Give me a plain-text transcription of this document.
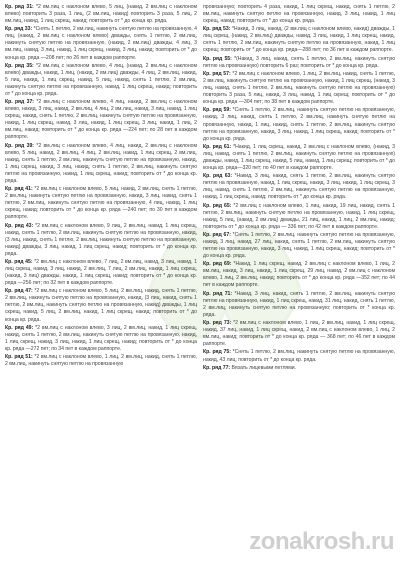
Кр. ряд 31: *2 вм.лиц с наклоном влево, 5 лиц, (накид, 2 вм.лиц с наклоном влево) повторить 3 раза, 1 лиц, (2 вм.лиц, накид) повторить 3 раза, 5 лиц, 2 вм.лиц, накид, 1 лиц скрещ, накид; повторить от * до конца кр. ряда.

Кр. ряд 33: *Снять 1 петлю, 2 вм.лиц, накинуть снятую петлю на провязанную, 4 лиц, (накид, 2 вм.лиц с наклоном влево) дважды, снять 1 петлю, 2 вм.лиц, накинуть снятую петлю на провязанную, (накид, 2 вм.лиц) дважды, 4 лиц, 3 вм.лиц, накид, 3 лиц, накид, 1 лиц скрещ, накид, 3 лиц, накид; повторить от * до конца кр. ряда —208 пет; по 26 пет в каждом раппорте.

Кр. ряд 35: *2 вм.лиц с наклоном влево, 4 лиц, (накид, 2 вм.лиц с наклоном влево) дважды, накид, 1 лиц, (накид, 2 вм.лиц) дважды, 4 лиц, 2 вм.лиц, накид, 5 лиц, накид, 1 лиц скрещ, накид, 5 лиц, накид, снять 1 петлю, 2 вм.лиц, накинуть снятую петлю на провязанную, накид, 1 лиц скрещ, накид; повторить от * до конца кр. ряда.

Кр. ряд 37: *2 вм.лиц с наклоном влево, 4 лиц, накид, 2 вм.лиц с наклоном влево, накид, 3 лиц, накид, 2 вм.лиц, 4 лиц, 2 вм.лиц, накид, 3 лиц, накид, 1 лиц скрещ, накид, снять 1 петлю, 2 вм.лиц, накинуть снятую петлю на провязанную, накид, 1 лиц скрещ, накид, 3 лиц, накид, 1 лиц скрещ, 3 лиц, накид, 1 лиц, 2 вм.лиц, накид; повторить от * до конца кр. ряда —224 пет; по 28 пет в каждом раппорте.

Кр. ряд 39: *2 вм.лиц с наклоном влево, 4 лиц, накид, 2 вм.лиц с наклоном влево, 5 лиц, накид, 2 вм.лиц, 4 лиц, 2 вм.лиц, накид, 1 лиц скрещ, 2 вм.лиц, накид, снять 1 петлю, 2 вм.лиц, накинуть снятую петлю на провязанную, накид, 1 лиц скрещ, накид, 3 лиц, накид, снять 1 петлю, 2 вм.лиц, накинуть снятую петлю на провязанную, накид, 1 лиц скрещ, накид; повторить от * до конца кр. ряда.

Кр. ряд 41: *2 вм.лиц с наклоном влево, 5 лиц, накид, 2 вм.лиц, снять 1 петлю, 2 вм.лиц, накинуть снятую петлю на провязанную, накид, 3 лиц, накид, снять 1 петлю, 2 вм.лиц, накинуть снятую петлю на провязанную, 4 лиц, накид, 1 лиц скрещ, накид; повторить от * до конца кр. ряда —240 пет; по 30 пет в каждом раппорте.

Кр. ряд 43: *2 вм.лиц с наклоном влево, 9 лиц, 2 вм.лиц, накид, 1 лиц скрещ, накид, снять 1 петлю, 2 вм.лиц, накинуть снятую петлю на провязанную, накид, (3 лиц, накид, снять 1 петлю, 2 вм.лиц, накинуть снятую петлю на провязанную, накид) дважды, 3 лиц, накид, 1 лиц скрещ, накид; повторить от * до конца кр. ряда.

Кр. ряд 45: *2 вм.лиц с наклоном влево, 7 лиц, 2 вм.лиц, накид, 3 лиц, накид, 1 лиц скрещ, накид, 3 лиц, накид, 2 вм.лиц, 7 лиц, 2 вм.лиц, накид, 1 лиц скрещ, (накид, 3 лиц) дважды, накид, 1 лиц скрещ, накид; повторить от * до конца кр. ряда —256 пет; по 32 пет в каждом раппорте.

Кр. ряд 47: *2 вм.лиц с наклоном влево, 5 лиц, 2 вм.лиц, накид, снять 1 петлю, 2 вм.лиц, накинуть снятую петлю на провязанную, накид, (3 лиц, накид, снять 1 петлю, 2 вм.лиц, накинуть снятую петлю на провязанную, накид) дважды, 1 лиц скрещ, накид, 5 лиц, 2 вм.лиц, накид, 1 лиц скрещ, накид; повторить от * до конца кр. ряда.

Кр. ряд 49: *2 вм.лиц с наклоном влево, 3 лиц, 2 вм.лиц, накид, 1 лиц скрещ, накид, снять 1 петлю, 2 вм.лиц, накинуть снятую петлю на провязанную, накид, 1 лиц скрещ, накид, 3 лиц, накид, 1 лиц скрещ, накид; повторить от * до конца кр. ряда —272 пет; по 34 пет в каждом раппорте.

Кр. ряд 51: *2 вм.лиц с наклоном влево, 1 лиц, 2 вм.лиц, накид, снять 1 петлю, 2 вм.лиц, накинуть снятую петлю на провязанную

провязанную; повторить 4 раза, накид, 1 лиц скрещ, накид, снять 1 петлю, 2 вм.лиц, накинуть снятую петлю на провязанную, накид, 3 лиц, накид, 1 лиц скрещ, накид; повторить от * до конца кр. ряда.

Кр. ряд 53: *Накид, 3 лиц, накид, (2 вм.лиц с наклоном влево, накид) дважды, 1 лиц скрещ, (накид, 2 вм.лиц) дважды, накид, 3 лиц, накид, 1 лиц скрещ, накид, снять 1 петлю, 2 вм.лиц, накинуть снятую петлю на провязанную, накид, 1 лиц скрещ; повторить от * до конца кр. ряда—288 пет; по 36 пет в каждом раппорте.

Кр. ряд 55: *(Накид, 3 лиц, накид, снять 1 петлю, 2 вм.лиц, накинуть снятую петлю на провязанную) повторить 6 раз; повторить от * до конца кр. ряда.

Кр. ряд 57: *2 вм.лиц с наклоном влево, 1 лиц, 2 вм.лиц, накид, снять 1 петлю, 2 вм.лиц, накинуть снятую петлю на провязанную, накид, 1 лиц скрещ, (накид, 3 лиц, накид, снять 1 петлю, 2 вм.лиц, накинуть снятую петлю на провязанную) повторить 3 раза, 5 лиц, накид, 3 лиц, накид, 1 лиц скрещ; повторить от * до конца кр. ряда —304 пет; по 38 пет в каждом раппорте.

Кр. ряд 59: *Снять 1 петлю, 2 вм.лиц, накинуть снятую петлю на провязанную, накид, 3 лиц, накид, снять 1 петлю, 2 вм.лиц, накинуть снятую петлю на провязанную, накид, 1 лиц, накид, снять 1 петлю, 2 вм.лиц, накинуть снятую петлю на провязанную, накид, 3 лиц, накид, 1 лиц скрещ, накид; повторить от * до конца кр. ряда.

Кр. ряд 61: *Накид, 1 лиц скрещ, накид, 2 вм.лиц с наклоном влево, (накид, 3 лиц, накид, снять 1 петлю, 2 вм.лиц, накинуть снятую петлю на провязанную) дважды, накид, 1 лиц скрещ, накид, 5 лиц, накид, 1 лиц скрещ; повторить от * до конца кр. ряда—320 пет; по 40 пет в каждом раппорте.

Кр. ряд 63: *Накид, 3 лиц, накид, снять 1 петлю, 2 вм.лиц, накинуть снятую петлю на провязанную, накид, 1 лиц скрещ, накид, 3 лиц, накид, 1 лиц скрещ, 3 лиц, накид, снять 1 петлю, 2 вм.лиц, накинуть снятую петлю на провязанную, накид, 1 лиц скрещ, накид; повторить от * до конца кр. ряда.

Кр. ряд 65: *2 вм.лиц с наклоном влево, 1 лиц, накид, 19 лиц, накид, снять 1 петлю, 2 вм.лиц, накинуть снятую петлю на провязанную, накид, 1 лиц скрещ, накид, 5 лиц, (накид, 2 вм.лиц) дважды, 21 лиц, накид, 1 лиц, 2 вм.лиц, накид; повторить от * до конца кр. ряда — 336 пет; по 42 пет в каждом раппорте.

Кр. ряд 67: *Снять 1 петлю, 2 вм.лиц, накинуть снятую петлю на провязанную, накид, 3 лиц, накид, 27 лиц, накид, снять 1 петлю, 2 вм.лиц, накинуть снятую петлю на провязанную, накид, 3 лиц, накид, 1 лиц скрещ, накид; повторить от * до конца кр. ряда.

Кр. ряд 69: *Накид, 1 лиц скрещ, накид, 2 вм.лиц с наклоном влево, 1 лиц, 2 вм.лиц, накид, 3 лиц, накид, 1 лиц скрещ, 29 лиц, накид, 2 вм.лиц с наклоном влево, 1 лиц, 2 вм.лиц, накид; повторить от * до конца кр. ряда —352 пет; по 44 пет в каждом раппорте.

Кр. ряд 71: *Накид, 3 лиц, накид, снять 1 петлю, 2 вм.лиц, накинуть снятую петлю на провязанную, накид, 1 лиц скрещ, накид, 31 лиц, накид, снять 1 петлю, 2 вм.лиц, накинуть снятую петлю на провязанную; повторить от * конца кр. ряда.

Кр. ряд 73: *2 вм.лиц с наклоном влево, 1 лиц, 2 вм.лиц, накид, 1 лиц скрещ, накид, 37 лиц, накид, 1 лиц скрещ, накид, 2 вм.лиц с наклоном влево, 1 лиц, 2 вм.лиц, накид; повторить от * до конца кр. ряда — 368 пет; по 46 пет в каждом раппорте.

Кр. ряд 75: *Снять 1 петлю, 2 вм.лиц, накинуть снятую петлю на провязанную, накид, 43 лиц; повторить от * до конца кр. ряда.

Кр. ряд 77: Вязать лицевыми петлями.

zonakrosh.ru
